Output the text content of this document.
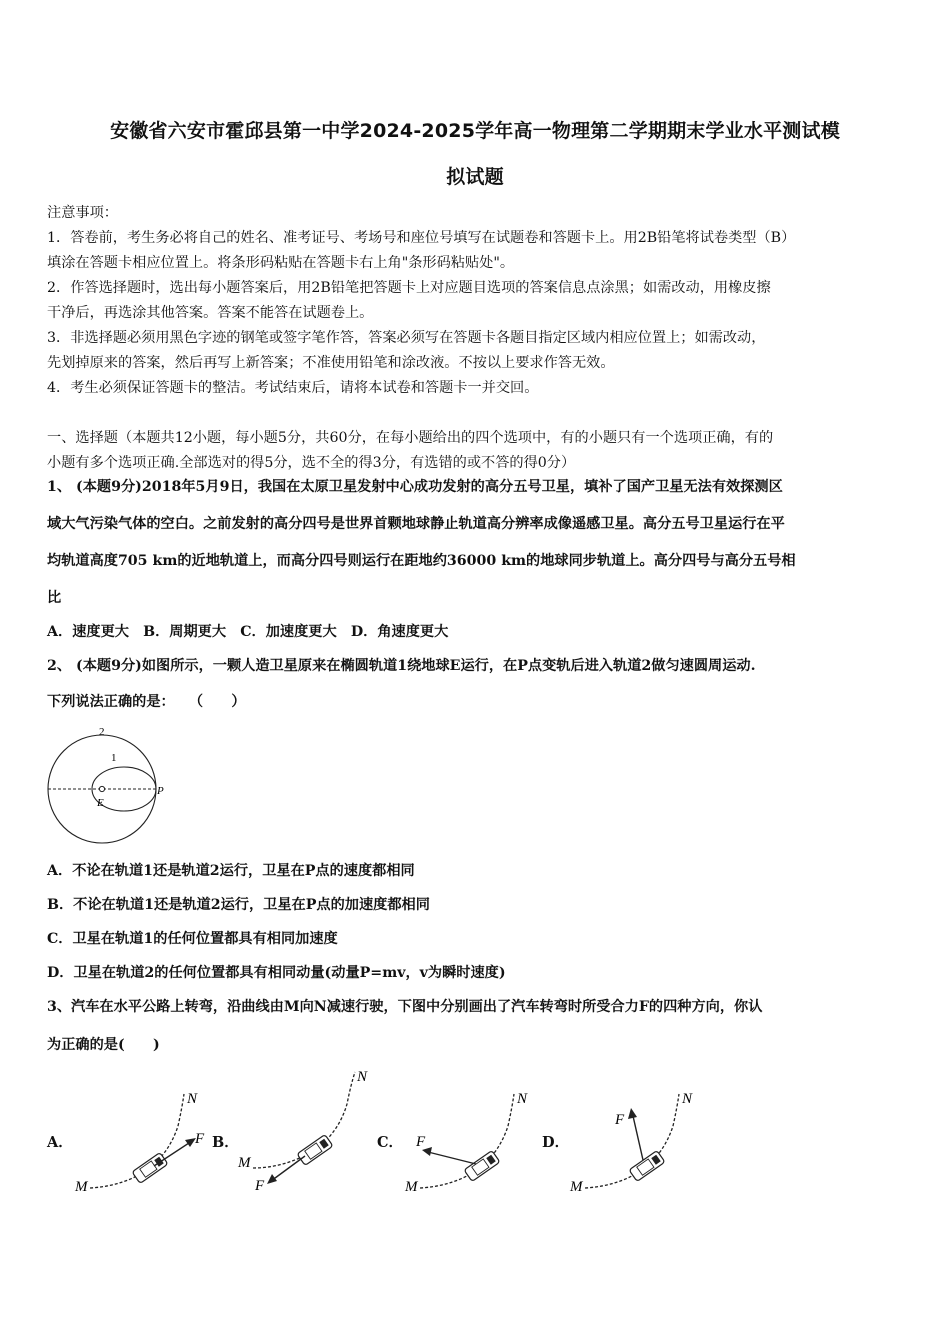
安徽省六安市霍邱县第一中学2024-2025学年高一物理第二学期期末学业水平测试模
拟试题
注意事项：
1．答卷前，考生务必将自己的姓名、准考证号、考场号和座位号填写在试题卷和答题卡上。用2B铅笔将试卷类型（B）
填涂在答题卡相应位置上。将条形码粘贴在答题卡右上角"条形码粘贴处"。
2．作答选择题时，选出每小题答案后，用2B铅笔把答题卡上对应题目选项的答案信息点涂黑；如需改动，用橡皮擦
干净后，再选涂其他答案。答案不能答在试题卷上。
3．非选择题必须用黑色字迹的钢笔或签字笔作答，答案必须写在答题卡各题目指定区域内相应位置上；如需改动，
先划掉原来的答案，然后再写上新答案；不准使用铅笔和涂改液。不按以上要求作答无效。
4．考生必须保证答题卡的整洁。考试结束后，请将本试卷和答题卡一并交回。
一、选择题（本题共12小题，每小题5分，共60分，在每小题给出的四个选项中，有的小题只有一个选项正确，有的
小题有多个选项正确.全部选对的得5分，选不全的得3分，有选错的或不答的得0分）
1、 (本题9分)2018年5月9日，我国在太原卫星发射中心成功发射的高分五号卫星，填补了国产卫星无法有效探测区
域大气污染气体的空白。之前发射的高分四号是世界首颗地球静止轨道高分辨率成像遥感卫星。高分五号卫星运行在平
均轨道高度705 km的近地轨道上，而高分四号则运行在距地约36000 km的地球同步轨道上。高分四号与高分五号相
比
A．速度更大　B．周期更大　C．加速度更大　D．角速度更大
2、 (本题9分)如图所示，一颗人造卫星原来在椭圆轨道1绕地球E运行，在P点变轨后进入轨道2做匀速圆周运动.
下列说法正确的是：　　（　　）
2
1
E
P
A．不论在轨道1还是轨道2运行，卫星在P点的速度都相同
B．不论在轨道1还是轨道2运行，卫星在P点的加速度都相同
C．卫星在轨道1的任何位置都具有相同加速度
D．卫星在轨道2的任何位置都具有相同动量(动量P=mv，v为瞬时速度)
3、汽车在水平公路上转弯，沿曲线由M向N减速行驶，下图中分别画出了汽车转弯时所受合力F的四种方向，你认
为正确的是(　　)
A．	B．	C．	D．
M
N
F
M
N
F	M
N
F
M
N
F
